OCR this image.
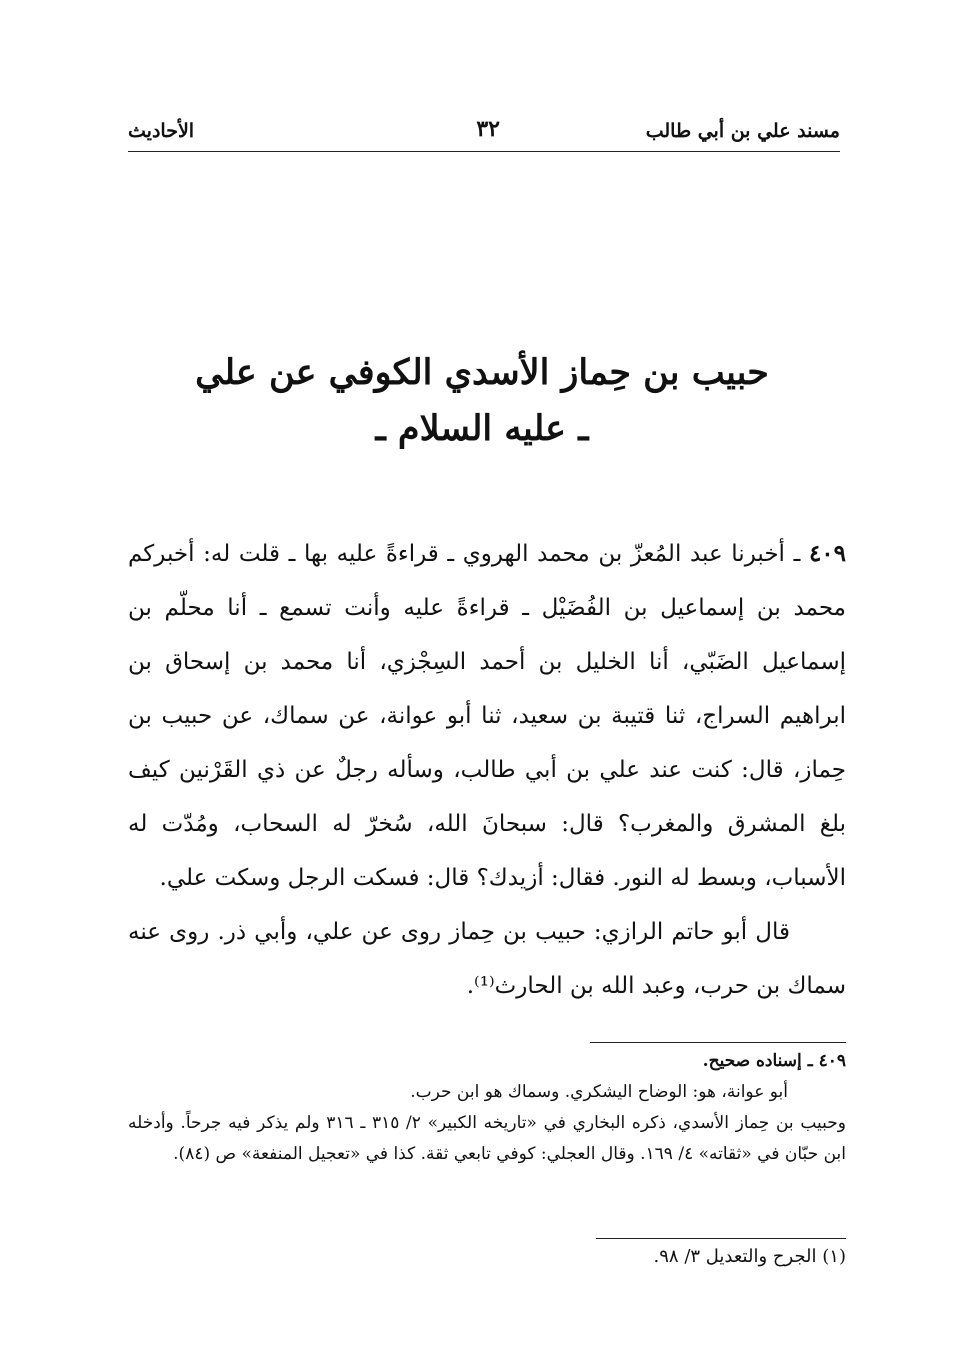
مسند علي بن أبي طالب
٣٢
الأحاديث
حبيب بن حِماز الأسدي الكوفي عن علي
ـ عليه السلام ـ

٤٠٩ ـ أخبرنا عبد المُعزّ بن محمد الهروي ـ قراءةً عليه بها ـ قلت له: أخبركم محمد بن إسماعيل بن الفُضَيْل ـ قراءةً عليه وأنت تسمع ـ أنا محلّم بن إسماعيل الضَبّي، أنا الخليل بن أحمد السِجْزي، أنا محمد بن إسحاق بن ابراهيم السراج، ثنا قتيبة بن سعيد، ثنا أبو عوانة، عن سماك، عن حبيب بن حِماز، قال: كنت عند علي بن أبي طالب، وسأله رجلٌ عن ذي القَرْنين كيف بلغ المشرق والمغرب؟ قال: سبحانَ الله، سُخرّ له السحاب، ومُدّت له الأسباب، وبسط له النور. فقال: أزيدك؟ قال: فسكت الرجل وسكت علي.

قال أبو حاتم الرازي: حبيب بن حِماز روى عن علي، وأبي ذر. روى عنه سماك بن حرب، وعبد الله بن الحارث⁽¹⁾.

٤٠٩ ـ إسناده صحيح.
أبو عوانة، هو: الوضاح اليشكري. وسماك هو ابن حرب.
وحبيب بن حِماز الأسدي، ذكره البخاري في «تاريخه الكبير» ٢/ ٣١٥ ـ ٣١٦ ولم يذكر فيه جرحاً. وأدخله ابن حبّان في «ثقاته» ٤/ ١٦٩. وقال العجلي: كوفي تابعي ثقة. كذا في «تعجيل المنفعة» ص (٨٤).
(١) الجرح والتعديل ٣/ ٩٨.
